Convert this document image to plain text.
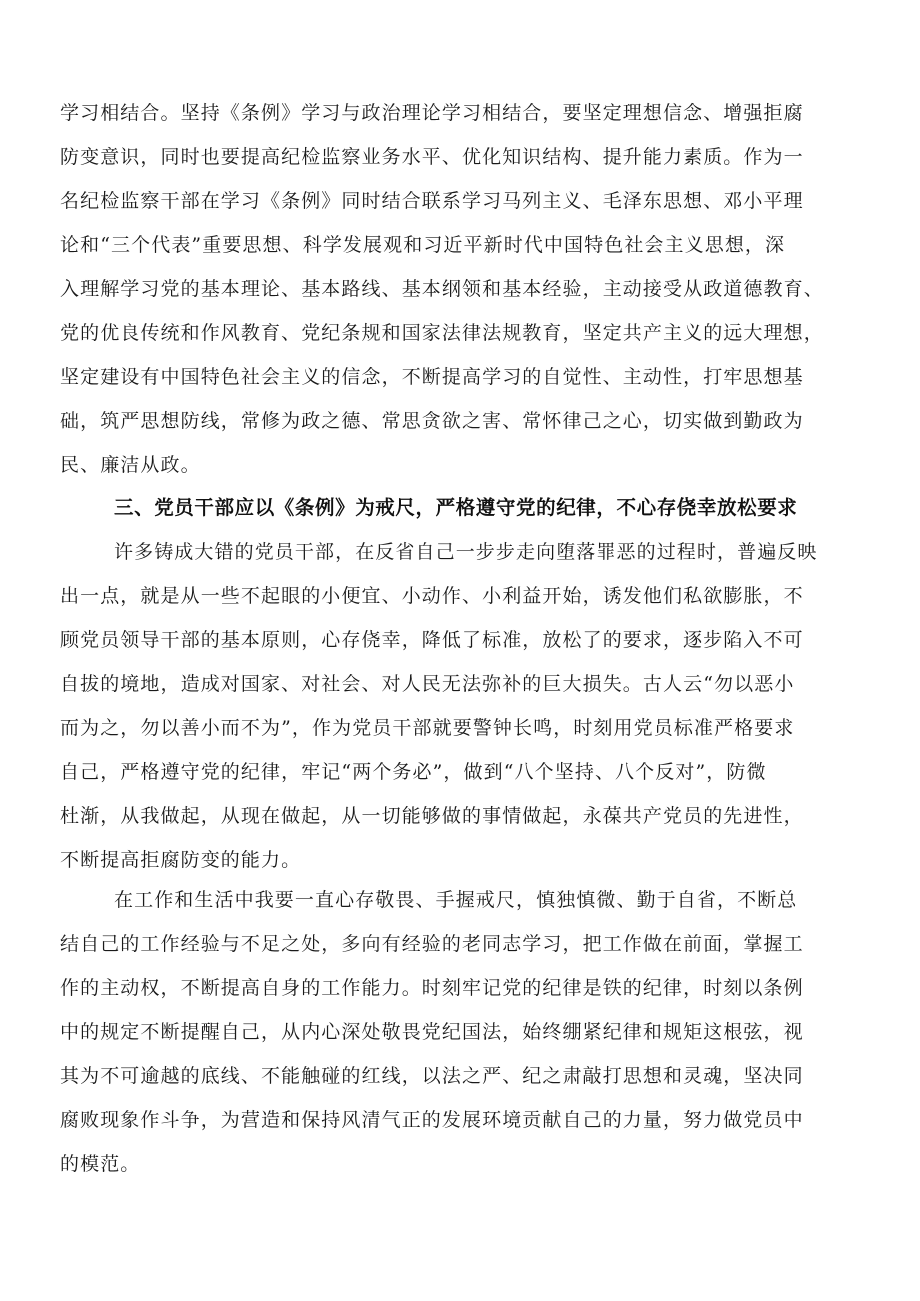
学习相结合。坚持《条例》学习与政治理论学习相结合，要坚定理想信念、增强拒腐
防变意识，同时也要提高纪检监察业务水平、优化知识结构、提升能力素质。作为一
名纪检监察干部在学习《条例》同时结合联系学习马列主义、毛泽东思想、邓小平理
论和“三个代表”重要思想、科学发展观和习近平新时代中国特色社会主义思想，深
入理解学习党的基本理论、基本路线、基本纲领和基本经验，主动接受从政道德教育、
党的优良传统和作风教育、党纪条规和国家法律法规教育，坚定共产主义的远大理想，
坚定建设有中国特色社会主义的信念，不断提高学习的自觉性、主动性，打牢思想基
础，筑严思想防线，常修为政之德、常思贪欲之害、常怀律己之心，切实做到勤政为
民、廉洁从政。
三、党员干部应以《条例》为戒尺，严格遵守党的纪律，不心存侥幸放松要求
许多铸成大错的党员干部，在反省自己一步步走向堕落罪恶的过程时，普遍反映
出一点，就是从一些不起眼的小便宜、小动作、小利益开始，诱发他们私欲膨胀，不
顾党员领导干部的基本原则，心存侥幸，降低了标准，放松了的要求，逐步陷入不可
自拔的境地，造成对国家、对社会、对人民无法弥补的巨大损失。古人云“勿以恶小
而为之，勿以善小而不为”，作为党员干部就要警钟长鸣，时刻用党员标准严格要求
自己，严格遵守党的纪律，牢记“两个务必”，做到“八个坚持、八个反对”，防微
杜渐，从我做起，从现在做起，从一切能够做的事情做起，永葆共产党员的先进性，
不断提高拒腐防变的能力。
在工作和生活中我要一直心存敬畏、手握戒尺，慎独慎微、勤于自省，不断总
结自己的工作经验与不足之处，多向有经验的老同志学习，把工作做在前面，掌握工
作的主动权，不断提高自身的工作能力。时刻牢记党的纪律是铁的纪律，时刻以条例
中的规定不断提醒自己，从内心深处敬畏党纪国法，始终绷紧纪律和规矩这根弦，视
其为不可逾越的底线、不能触碰的红线，以法之严、纪之肃敲打思想和灵魂，坚决同
腐败现象作斗争，为营造和保持风清气正的发展环境贡献自己的力量，努力做党员中
的模范。
